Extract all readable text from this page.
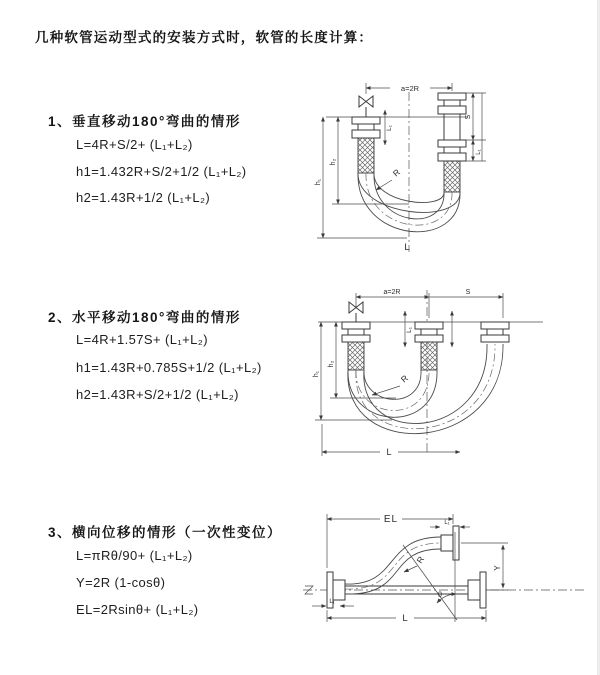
几种软管运动型式的安装方式时，软管的长度计算：
1、垂直移动180°弯曲的情形
L=4R+S/2+ (L₁+L₂)
h1=1.432R+S/2+1/2 (L₁+L₂)
h2=1.43R+1/2 (L₁+L₂)
2、水平移动180°弯曲的情形
L=4R+1.57S+ (L₁+L₂)
h1=1.43R+0.785S+1/2 (L₁+L₂)
h2=1.43R+S/2+1/2 (L₁+L₂)
3、横向位移的情形（一次性变位）
L=πRθ/90+ (L₁+L₂)
Y=2R (1-cosθ)
EL=2Rsinθ+ (L₁+L₂)
a=2R
R
h₁
h₂
L₁
S
L₁
L
a=2R	S
R
L₁
h₁
h₂
L
θ
R
EL	L₁
Y
L₁
L
